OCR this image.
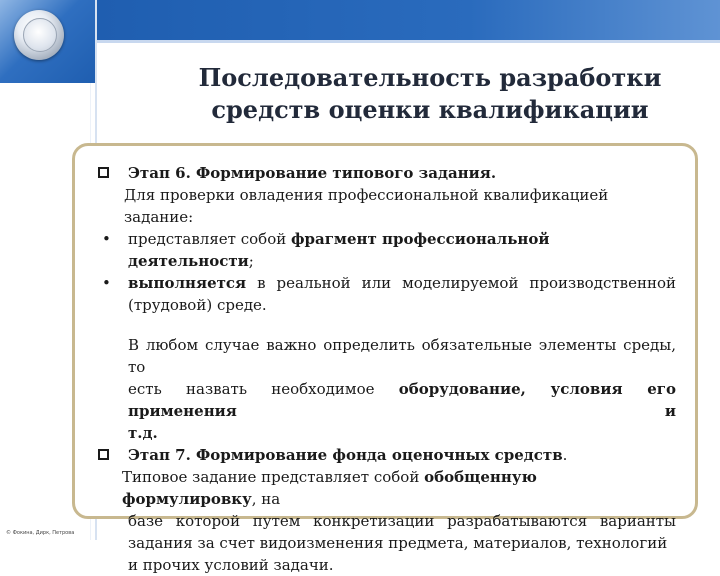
Последовательность разработки
средств оценки квалификации
Этап 6. Формирование типового задания.
Для проверки овладения профессиональной квалификацией задание:
• представляет собой фрагмент профессиональной деятельности;
• выполняется в реальной или моделируемой производственной
(трудовой) среде.
В любом случае важно определить обязательные элементы среды, то
есть назвать необходимое оборудование, условия его применения и
т.д.
Этап 7. Формирование фонда оценочных средств.
Типовое задание представляет собой обобщенную формулировку, на
базе которой путем конкретизации разрабатываются варианты
задания за счет видоизменения предмета, материалов, технологий
и прочих условий задачи.
© Фокина, Дирк, Петрова
